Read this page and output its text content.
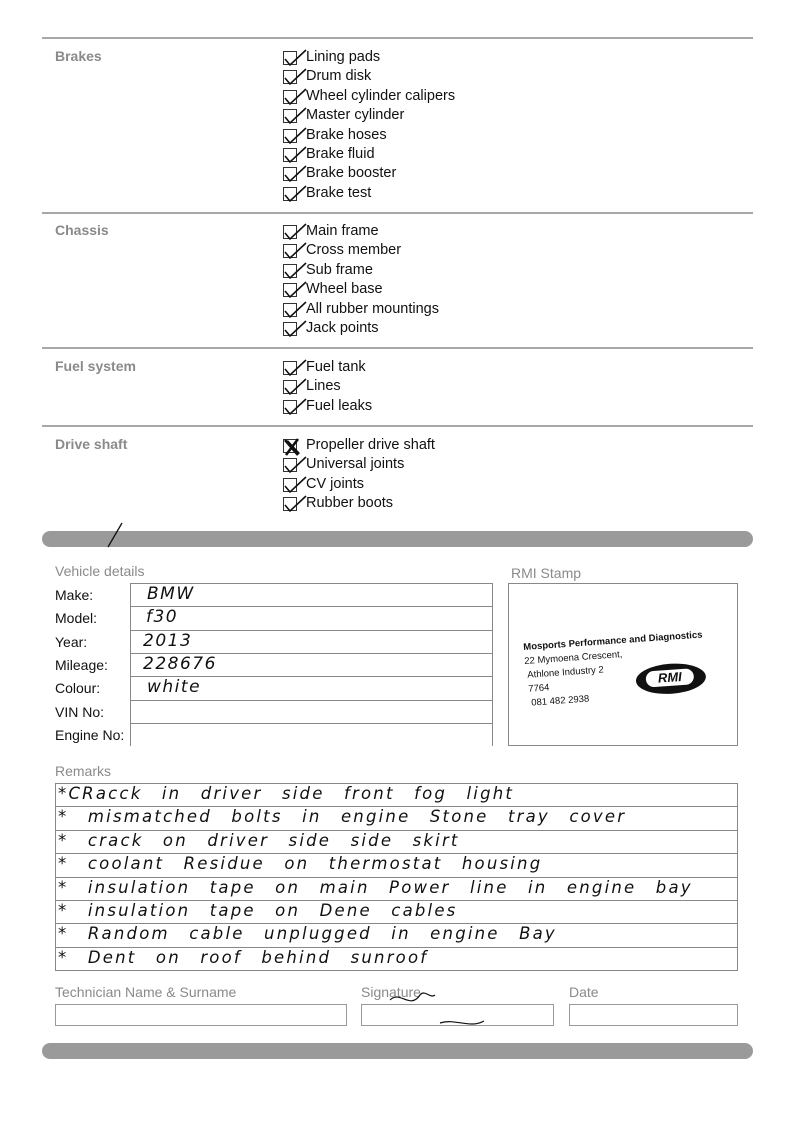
Brakes	Lining pads
Drum disk
Wheel cylinder calipers
Master cylinder
Brake hoses
Brake fluid
Brake booster
Brake test
Chassis	Main frame
Cross member
Sub frame
Wheel base
All rubber mountings
Jack points
Fuel system	Fuel tank
Lines
Fuel leaks
Drive shaft	Propeller drive shaft
Universal joints
CV joints
Rubber boots
Vehicle details
Make:	BMW
Model:	f30
Year:	2013
Mileage: 228676
Colour:	white
VIN No:
Engine No:
RMI Stamp
Mosports Performance and Diagnostics
22 Mymoena Crescent,
Athlone Industry 2
7764
081 482 2938
RMI
Remarks
*CRacck in driver side front fog light
* mismatched bolts in engine Stone tray cover
* crack on driver side side skirt
* coolant Residue on thermostat housing
* insulation tape on main Power line in engine bay
* insulation tape on Dene cables
* Random cable unplugged in engine Bay
* Dent on roof behind sunroof
Technician Name & Surname	Signature	Date
